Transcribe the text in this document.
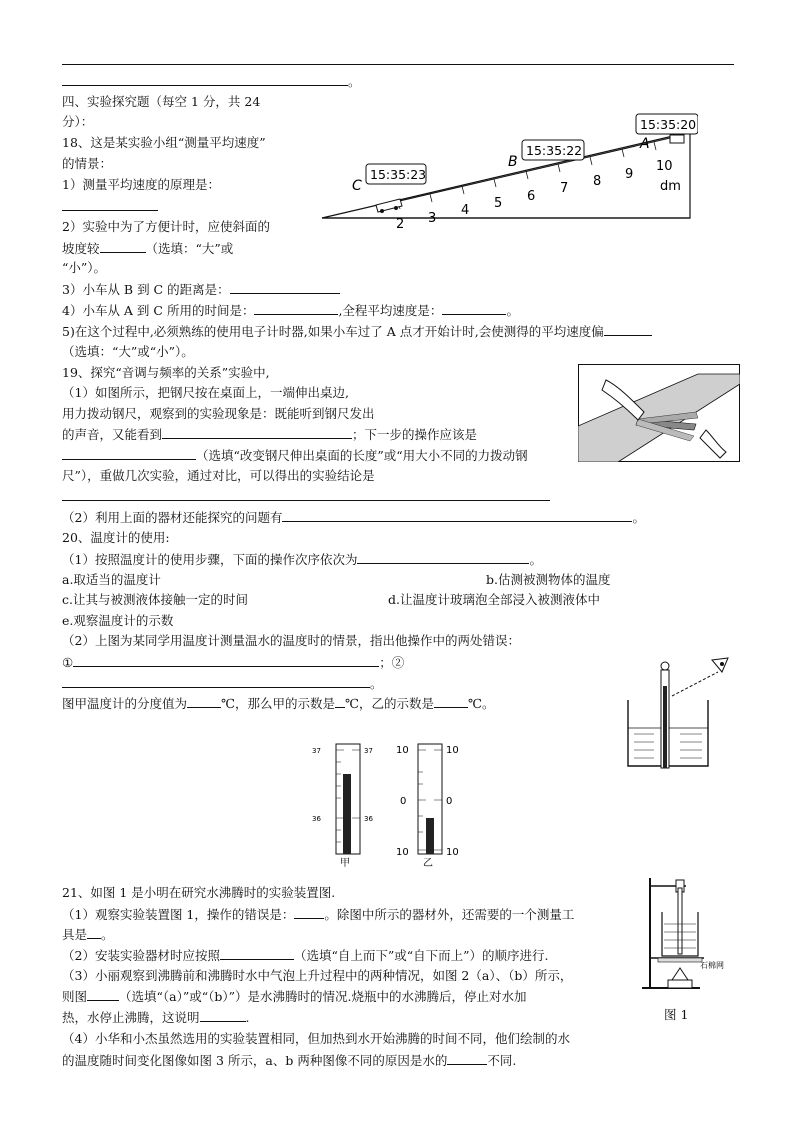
。
四、实验探究题（每空 1 分，共 24
分）：
18、这是某实验小组“测量平均速度”
的情景：
1）测量平均速度的原理是：
2）实验中为了方便计时，应使斜面的
坡度较	（选填：“大”或
“小”）。
3）小车从 B 到 C 的距离是：
4）小车从 A 到 C 所用的时间是：	,全程平均速度是：	。
5)在这个过程中,必须熟练的使用电子计时器,如果小车过了 A 点才开始计时,会使测得的平均速度偏
（选填：“大”或“小”）。
2 3
4 5 6
7 8 9
10
dm
15:35:23
15:35:22
15:35:20
C
B
A
19、探究“音调与频率的关系”实验中,
（1）如图所示，把钢尺按在桌面上，一端伸出桌边,
用力拨动钢尺，观察到的实验现象是：既能听到钢尺发出
的声音，又能看到	；下一步的操作应该是
（选填“改变钢尺伸出桌面的长度”或“用大小不同的力拨动钢
尺”），重做几次实验，通过对比，可以得出的实验结论是
（2）利用上面的器材还能探究的问题有	。
20、温度计的使用:
（1）按照温度计的使用步骤，下面的操作次序依次为	。
a.取适当的温度计	b.估测被测物体的温度
c.让其与被测液体接触一定的时间	d.让温度计玻璃泡全部浸入被测液体中
e.观察温度计的示数
（2）上图为某同学用温度计测量温水的温度时的情景，指出他操作中的两处错误：
①	；②
。
图甲温度计的分度值为	℃，那么甲的示数是 ℃，乙的示数是	℃。
37	37
36	36
甲
10	10
0	0
10	10
乙
21、如图 1 是小明在研究水沸腾时的实验装置图.
（1）观察实验装置图 1，操作的错误是： 。除图中所示的器材外，还需要的一个测量工
具是 。
（2）安装实验器材时应按照	（选填“自上而下”或“自下而上”）的顺序进行.
（3）小丽观察到沸腾前和沸腾时水中气泡上升过程中的两种情况，如图 2（a）、（b）所示，
则图	（选填“（a）”或“（b）”）是水沸腾时的情况.烧瓶中的水沸腾后，停止对水加
热，水停止沸腾，这说明	.
（4）小华和小杰虽然选用的实验装置相同，但加热到水开始沸腾的时间不同，他们绘制的水
的温度随时间变化图像如图 3 所示，a、b 两种图像不同的原因是水的	不同.
石棉网
图 1
